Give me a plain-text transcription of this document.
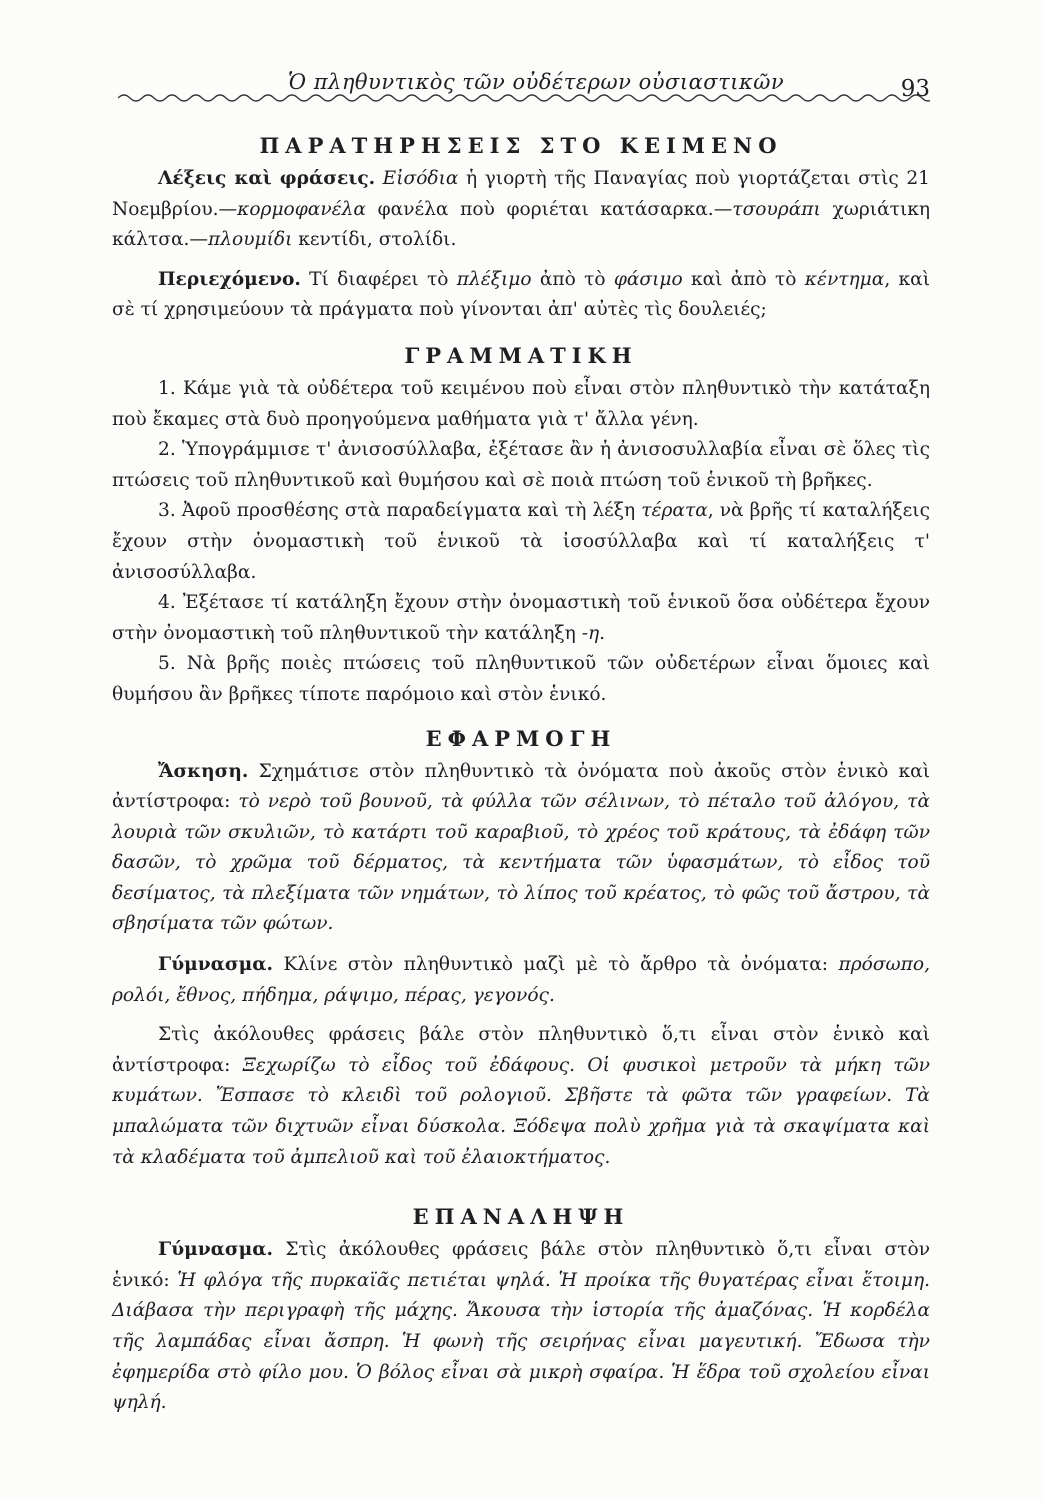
Ὁ πληθυντικὸς τῶν οὐδέτερων οὐσιαστικῶν	93
ΠΑΡΑΤΗΡΗΣΕΙΣ ΣΤΟ ΚΕΙΜΕΝΟ

Λέξεις καὶ φράσεις. Εἰσόδια ἡ γιορτὴ τῆς Παναγίας ποὺ γιορτάζεται στὶς 21 Νοεμβρίου.—κορμοφανέλα φανέλα ποὺ φοριέται κατάσαρκα.—τσουράπι χωριάτικη κάλτσα.—πλουμίδι κεντίδι, στολίδι.

Περιεχόμενο. Τί διαφέρει τὸ πλέξιμο ἀπὸ τὸ φάσιμο καὶ ἀπὸ τὸ κέντημα, καὶ σὲ τί χρησιμεύουν τὰ πράγματα ποὺ γίνονται ἀπ' αὐτὲς τὶς δουλειές;

ΓΡΑΜΜΑΤΙΚΗ

1. Κάμε γιὰ τὰ οὐδέτερα τοῦ κειμένου ποὺ εἶναι στὸν πληθυντικὸ τὴν κατάταξη ποὺ ἔκαμες στὰ δυὸ προηγούμενα μαθήματα γιὰ τ' ἄλλα γένη.

2. Ὑπογράμμισε τ' ἀνισοσύλλαβα, ἐξέτασε ἂν ἡ ἀνισοσυλλαβία εἶναι σὲ ὅλες τὶς πτώσεις τοῦ πληθυντικοῦ καὶ θυμήσου καὶ σὲ ποιὰ πτώση τοῦ ἑνικοῦ τὴ βρῆκες.

3. Ἀφοῦ προσθέσης στὰ παραδείγματα καὶ τὴ λέξη τέρατα, νὰ βρῆς τί καταλήξεις ἔχουν στὴν ὀνομαστικὴ τοῦ ἑνικοῦ τὰ ἰσοσύλλαβα καὶ τί καταλήξεις τ' ἀνισοσύλλαβα.

4. Ἐξέτασε τί κατάληξη ἔχουν στὴν ὀνομαστικὴ τοῦ ἑνικοῦ ὅσα οὐδέτερα ἔχουν στὴν ὀνομαστικὴ τοῦ πληθυντικοῦ τὴν κατάληξη -η.

5. Νὰ βρῆς ποιὲς πτώσεις τοῦ πληθυντικοῦ τῶν οὐδετέρων εἶναι ὅμοιες καὶ θυμήσου ἂν βρῆκες τίποτε παρόμοιο καὶ στὸν ἑνικό.

ΕΦΑΡΜΟΓΗ

Ἄσκηση. Σχημάτισε στὸν πληθυντικὸ τὰ ὀνόματα ποὺ ἀκοῦς στὸν ἑνικὸ καὶ ἀντίστροφα: τὸ νερὸ τοῦ βουνοῦ, τὰ φύλλα τῶν σέλινων, τὸ πέταλο τοῦ ἀλόγου, τὰ λουριὰ τῶν σκυλιῶν, τὸ κατάρτι τοῦ καραβιοῦ, τὸ χρέος τοῦ κράτους, τὰ ἐδάφη τῶν δασῶν, τὸ χρῶμα τοῦ δέρματος, τὰ κεντήματα τῶν ὑφασμάτων, τὸ εἶδος τοῦ δεσίματος, τὰ πλεξίματα τῶν νημάτων, τὸ λίπος τοῦ κρέατος, τὸ φῶς τοῦ ἄστρου, τὰ σβησίματα τῶν φώτων.

Γύμνασμα. Κλίνε στὸν πληθυντικὸ μαζὶ μὲ τὸ ἄρθρο τὰ ὀνόματα: πρόσωπο, ρολόι, ἔθνος, πήδημα, ράψιμο, πέρας, γεγονός.

Στὶς ἀκόλουθες φράσεις βάλε στὸν πληθυντικὸ ὅ,τι εἶναι στὸν ἑνικὸ καὶ ἀντίστροφα: Ξεχωρίζω τὸ εἶδος τοῦ ἐδάφους. Οἱ φυσικοὶ μετροῦν τὰ μήκη τῶν κυμάτων. Ἔσπασε τὸ κλειδὶ τοῦ ρολογιοῦ. Σβῆστε τὰ φῶτα τῶν γραφείων. Τὰ μπαλώματα τῶν διχτυῶν εἶναι δύσκολα. Ξόδεψα πολὺ χρῆμα γιὰ τὰ σκαψίματα καὶ τὰ κλαδέματα τοῦ ἀμπελιοῦ καὶ τοῦ ἐλαιοκτήματος.

ΕΠΑΝΑΛΗΨΗ

Γύμνασμα. Στὶς ἀκόλουθες φράσεις βάλε στὸν πληθυντικὸ ὅ,τι εἶναι στὸν ἑνικό: Ἡ φλόγα τῆς πυρκαϊᾶς πετιέται ψηλά. Ἡ προίκα τῆς θυγατέρας εἶναι ἕτοιμη. Διάβασα τὴν περιγραφὴ τῆς μάχης. Ἄκουσα τὴν ἱστορία τῆς ἀμαζόνας. Ἡ κορδέλα τῆς λαμπάδας εἶναι ἄσπρη. Ἡ φωνὴ τῆς σειρήνας εἶναι μαγευτική. Ἔδωσα τὴν ἐφημερίδα στὸ φίλο μου. Ὁ βόλος εἶναι σὰ μικρὴ σφαίρα. Ἡ ἕδρα τοῦ σχολείου εἶναι ψηλή.
